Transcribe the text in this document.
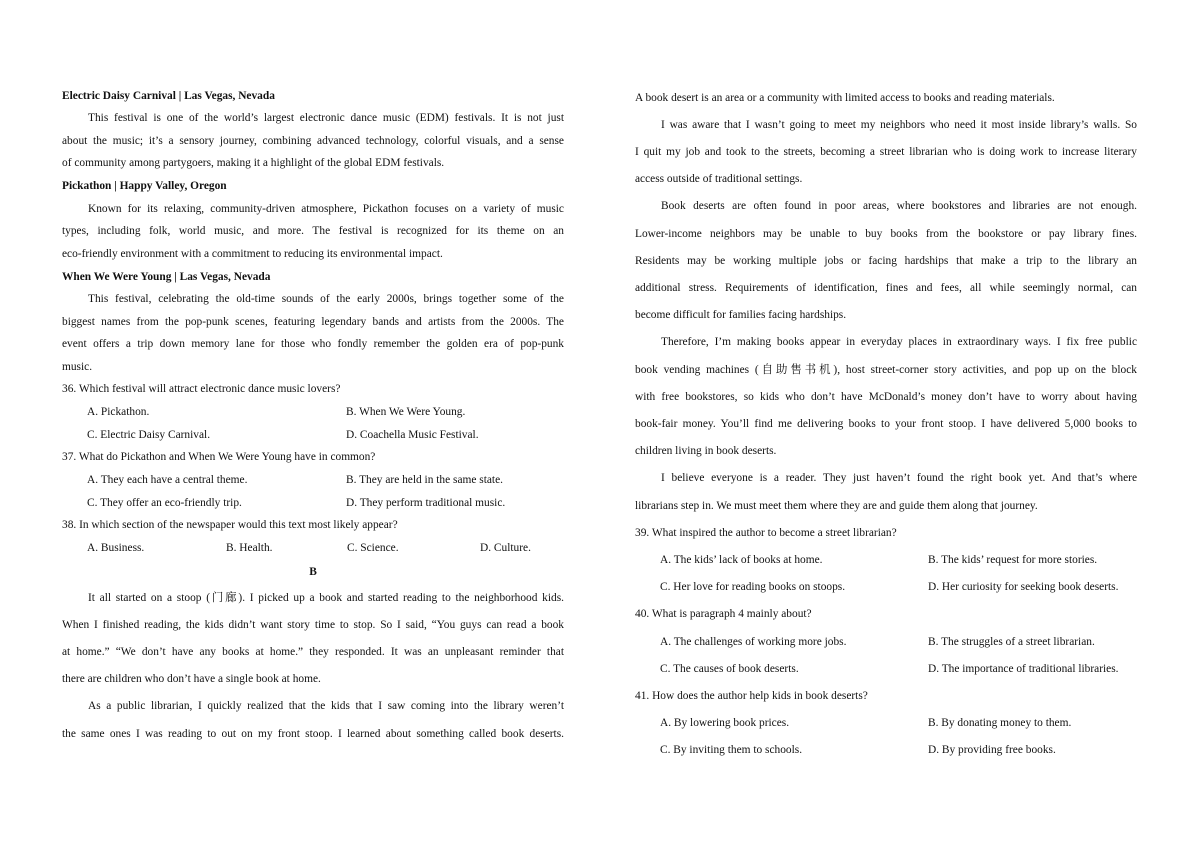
Electric Daisy Carnival | Las Vegas, Nevada
This festival is one of the world’s largest electronic dance music (EDM) festivals. It is not just
about the music; it’s a sensory journey, combining advanced technology, colorful visuals, and a sense
of community among partygoers, making it a highlight of the global EDM festivals.
Pickathon | Happy Valley, Oregon
Known for its relaxing, community-driven atmosphere, Pickathon focuses on a variety of music
types, including folk, world music, and more. The festival is recognized for its theme on an
eco-friendly environment with a commitment to reducing its environmental impact.
When We Were Young | Las Vegas, Nevada
This festival, celebrating the old-time sounds of the early 2000s, brings together some of the
biggest names from the pop-punk scenes, featuring legendary bands and artists from the 2000s. The
event offers a trip down memory lane for those who fondly remember the golden era of pop-punk
music.
36. Which festival will attract electronic dance music lovers?
A. Pickathon.	B. When We Were Young.
C. Electric Daisy Carnival.	D. Coachella Music Festival.
37. What do Pickathon and When We Were Young have in common?
A. They each have a central theme.	B. They are held in the same state.
C. They offer an eco-friendly trip.	D. They perform traditional music.
38. In which section of the newspaper would this text most likely appear?
A. Business.	B. Health.	C. Science.	D. Culture.
B
It all started on a stoop (门廊). I picked up a book and started reading to the neighborhood kids.
When I finished reading, the kids didn’t want story time to stop. So I said, “You guys can read a book
at home.” “We don’t have any books at home.” they responded. It was an unpleasant reminder that
there are children who don’t have a single book at home.
As a public librarian, I quickly realized that the kids that I saw coming into the library weren’t
the same ones I was reading to out on my front stoop. I learned about something called book deserts.
A book desert is an area or a community with limited access to books and reading materials.
I was aware that I wasn’t going to meet my neighbors who need it most inside library’s walls. So
I quit my job and took to the streets, becoming a street librarian who is doing work to increase literary
access outside of traditional settings.
Book deserts are often found in poor areas, where bookstores and libraries are not enough.
Lower-income neighbors may be unable to buy books from the bookstore or pay library fines.
Residents may be working multiple jobs or facing hardships that make a trip to the library an
additional stress. Requirements of identification, fines and fees, all while seemingly normal, can
become difficult for families facing hardships.
Therefore, I’m making books appear in everyday places in extraordinary ways. I fix free public
book vending machines (自助售书机), host street-corner story activities, and pop up on the block
with free bookstores, so kids who don’t have McDonald’s money don’t have to worry about having
book-fair money. You’ll find me delivering books to your front stoop. I have delivered 5,000 books to
children living in book deserts.
I believe everyone is a reader. They just haven’t found the right book yet. And that’s where
librarians step in. We must meet them where they are and guide them along that journey.
39. What inspired the author to become a street librarian?
A. The kids’ lack of books at home.	B. The kids’ request for more stories.
C. Her love for reading books on stoops.	D. Her curiosity for seeking book deserts.
40. What is paragraph 4 mainly about?
A. The challenges of working more jobs.	B. The struggles of a street librarian.
C. The causes of book deserts.	D. The importance of traditional libraries.
41. How does the author help kids in book deserts?
A. By lowering book prices.	B. By donating money to them.
C. By inviting them to schools.	D. By providing free books.
